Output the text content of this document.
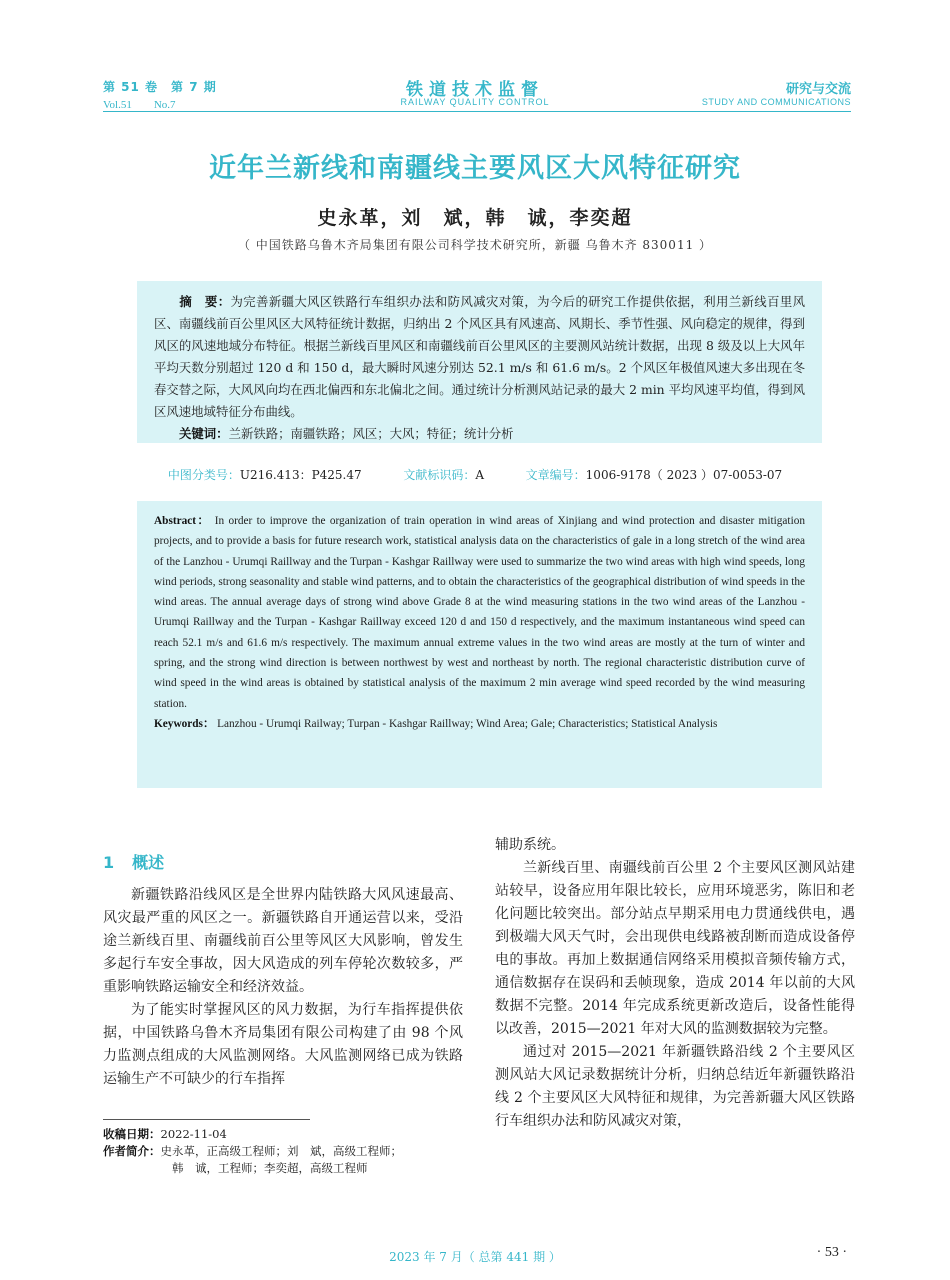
第 51 卷　第 7 期
Vol.51　　No.7
铁道技术监督
RAILWAY QUALITY CONTROL
研究与交流
STUDY AND COMMUNICATIONS
近年兰新线和南疆线主要风区大风特征研究
史永革，刘　斌，韩　诚，李奕超
（ 中国铁路乌鲁木齐局集团有限公司科学技术研究所，新疆 乌鲁木齐 830011 ）
摘　要：为完善新疆大风区铁路行车组织办法和防风减灾对策，为今后的研究工作提供依据，利用兰新线百里风区、南疆线前百公里风区大风特征统计数据，归纳出 2 个风区具有风速高、风期长、季节性强、风向稳定的规律，得到风区的风速地域分布特征。根据兰新线百里风区和南疆线前百公里风区的主要测风站统计数据，出现 8 级及以上大风年平均天数分别超过 120 d 和 150 d，最大瞬时风速分别达 52.1 m/s 和 61.6 m/s。2 个风区年极值风速大多出现在冬春交替之际，大风风向均在西北偏西和东北偏北之间。通过统计分析测风站记录的最大 2 min 平均风速平均值，得到风区风速地域特征分布曲线。
关键词：兰新铁路；南疆铁路；风区；大风；特征；统计分析
中图分类号：U216.413：P425.47	文献标识码：A	文章编号：1006-9178（ 2023 ）07-0053-07
Abstract： In order to improve the organization of train operation in wind areas of Xinjiang and wind protection and disaster mitigation projects, and to provide a basis for future research work, statistical analysis data on the characteristics of gale in a long stretch of the wind area of the Lanzhou - Urumqi Raillway and the Turpan - Kashgar Raillway were used to summarize the two wind areas with high wind speeds, long wind periods, strong seasonality and stable wind patterns, and to obtain the characteristics of the geographical distribution of wind speeds in the wind areas. The annual average days of strong wind above Grade 8 at the wind measuring stations in the two wind areas of the Lanzhou - Urumqi Raillway and the Turpan - Kashgar Raillway exceed 120 d and 150 d respectively, and the maximum instantaneous wind speed can reach 52.1 m/s and 61.6 m/s respectively. The maximum annual extreme values in the two wind areas are mostly at the turn of winter and spring, and the strong wind direction is between northwest by west and northeast by north. The regional characteristic distribution curve of wind speed in the wind areas is obtained by statistical analysis of the maximum 2 min average wind speed recorded by the wind measuring station.
Keywords： Lanzhou - Urumqi Railway; Turpan - Kashgar Raillway; Wind Area; Gale; Characteristics; Statistical Analysis
1 概述

新疆铁路沿线风区是全世界内陆铁路大风风速最高、风灾最严重的风区之一。新疆铁路自开通运营以来，受沿途兰新线百里、南疆线前百公里等风区大风影响，曾发生多起行车安全事故，因大风造成的列车停轮次数较多，严重影响铁路运输安全和经济效益。

为了能实时掌握风区的风力数据，为行车指挥提供依据，中国铁路乌鲁木齐局集团有限公司构建了由 98 个风力监测点组成的大风监测网络。大风监测网络已成为铁路运输生产不可缺少的行车指挥

辅助系统。

兰新线百里、南疆线前百公里 2 个主要风区测风站建站较早，设备应用年限比较长，应用环境恶劣，陈旧和老化问题比较突出。部分站点早期采用电力贯通线供电，遇到极端大风天气时，会出现供电线路被刮断而造成设备停电的事故。再加上数据通信网络采用模拟音频传输方式，通信数据存在误码和丢帧现象，造成 2014 年以前的大风数据不完整。2014 年完成系统更新改造后，设备性能得以改善，2015—2021 年对大风的监测数据较为完整。

通过对 2015—2021 年新疆铁路沿线 2 个主要风区测风站大风记录数据统计分析，归纳总结近年新疆铁路沿线 2 个主要风区大风特征和规律，为完善新疆大风区铁路行车组织办法和防风减灾对策，

收稿日期：2022-11-04
作者简介：史永革，正高级工程师；刘　斌，高级工程师；
韩　诚，工程师；李奕超，高级工程师
2023 年 7 月（ 总第 441 期 ）	· 53 ·
